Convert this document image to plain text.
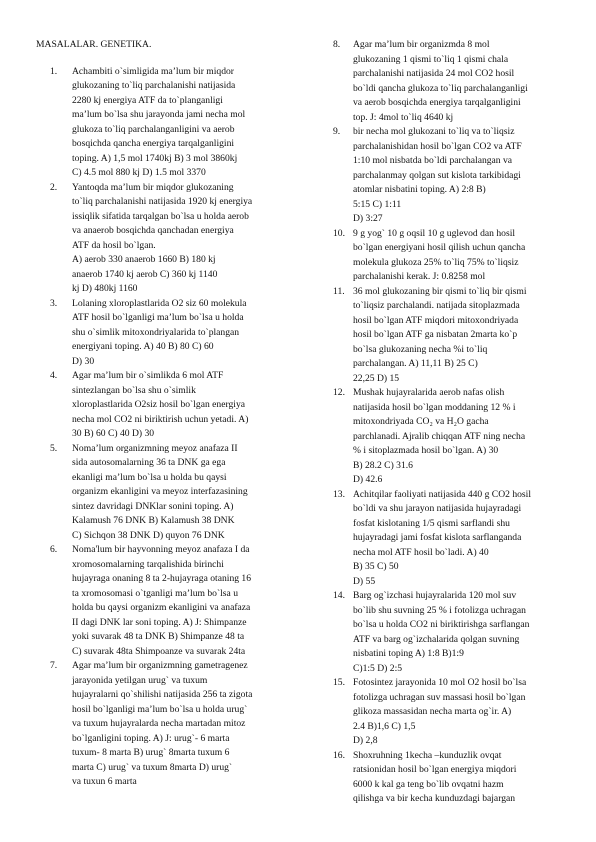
MASALALAR. GENETIKA.
1.	Achambiti o`simligida ma’lum bir miqdor
glukozaning to`liq parchalanishi natijasida
2280 kj energiya ATF da to`planganligi
ma’lum bo`lsa shu jarayonda jami necha mol
glukoza to`liq parchalanganligini va aerob
bosqichda qancha energiya tarqalganligini
toping. A) 1,5 mol 1740kj B) 3 mol 3860kj
C) 4.5 mol 880 kj D) 1.5 mol 3370
2.	Yantoqda ma’lum bir miqdor glukozaning
to`liq parchalanishi natijasida 1920 kj energiya
issiqlik sifatida tarqalgan bo`lsa u holda aerob
va anaerob bosqichda qanchadan energiya
ATF da hosil bo`lgan.
A) aerob 330 anaerob 1660 B) 180 kj
anaerob 1740 kj aerob C) 360 kj 1140
kj D) 480kj 1160
3.	Lolaning xloroplastlarida O2 siz 60 molekula
ATF hosil bo`lganligi ma’lum bo`lsa u holda
shu o`simlik mitoxondriyalarida to`plangan
energiyani toping. A) 40 B) 80 C) 60
D) 30
4.	Agar ma’lum bir o`simlikda 6 mol ATF
sintezlangan bo`lsa shu o`simlik
xloroplastlarida O2siz hosil bo`lgan energiya
necha mol CO2 ni biriktirish uchun yetadi. A)
30 B) 60 C) 40 D) 30
5.	Noma’lum organizmning meyoz anafaza II
sida autosomalarning 36 ta DNK ga ega
ekanligi ma’lum bo`lsa u holda bu qaysi
organizm ekanligini va meyoz interfazasining
sintez davridagi DNKlar sonini toping. A)
Kalamush 76 DNK B) Kalamush 38 DNK
C) Sichqon 38 DNK D) quyon 76 DNK
6.	Noma'lum bir hayvonning meyoz anafaza I da
xromosomalarning tarqalishida birinchi
hujayraga onaning 8 ta 2-hujayraga otaning 16
ta xromosomasi o`tganligi ma’lum bo`lsa u
holda bu qaysi organizm ekanligini va anafaza
II dagi DNK lar soni toping. A) J: Shimpanze
yoki suvarak 48 ta DNK B) Shimpanze 48 ta
C) suvarak 48ta Shimpoanze va suvarak 24ta
7.	Agar ma’lum bir organizmning gametragenez
jarayonida yetilgan urug` va tuxum
hujayralarni qo`shilishi natijasida 256 ta zigota
hosil bo`lganligi ma’lum bo`lsa u holda urug`
va tuxum hujayralarda necha martadan mitoz
bo`lganligini toping. A) J: urug`- 6 marta
tuxum- 8 marta B) urug` 8marta tuxum 6
marta C) urug` va tuxum 8marta D) urug`
va tuxun 6 marta
8.	Agar ma’lum bir organizmda 8 mol
glukozaning 1 qismi to`liq 1 qismi chala
parchalanishi natijasida 24 mol CO2 hosil
bo`ldi qancha glukoza to`liq parchalanganligi
va aerob bosqichda energiya tarqalganligini
top. J: 4mol to`liq 4640 kj
9.	bir necha mol glukozani to`liq va to`liqsiz
parchalanishidan hosil bo`lgan CO2 va ATF
1:10 mol nisbatda bo`ldi parchalangan va
parchalanmay qolgan sut kislota tarkibidagi
atomlar nisbatini toping. A) 2:8 B)
5:15 C) 1:11
D) 3:27
10. 9 g yog` 10 g oqsil 10 g uglevod dan hosil
bo`lgan energiyani hosil qilish uchun qancha
molekula glukoza 25% to`liq 75% to`liqsiz
parchalanishi kerak. J: 0.8258 mol
11. 36 mol glukozaning bir qismi to`liq bir qismi
to`liqsiz parchalandi. natijada sitoplazmada
hosil bo`lgan ATF miqdori mitoxondriyada
hosil bo`lgan ATF ga nisbatan 2marta ko`p
bo`lsa glukozaning necha %i to`liq
parchalangan. A) 11,11 B) 25 C)
22,25 D) 15
12. Mushak hujayralarida aerob nafas olish
natijasida hosil bo`lgan moddaning 12 % i
mitoxondriyada CO₂ va H₂O gacha
parchlanadi. Ajralib chiqqan ATF ning necha
% i sitoplazmada hosil bo`lgan. A) 30
B) 28.2 C) 31.6
D) 42.6
13. Achitqilar faoliyati natijasida 440 g CO2 hosil
bo`ldi va shu jarayon natijasida hujayradagi
fosfat kislotaning 1/5 qismi sarflandi shu
hujayradagi jami fosfat kislota sarflanganda
necha mol ATF hosil bo`ladi. A) 40
B) 35 C) 50
D) 55
14. Barg og`izchasi hujayralarida 120 mol suv
bo`lib shu suvning 25 % i fotolizga uchragan
bo`lsa u holda CO2 ni biriktirishga sarflangan
ATF va barg og`izchalarida qolgan suvning
nisbatini toping A) 1:8 B)1:9
C)1:5 D) 2:5
15. Fotosintez jarayonida 10 mol O2 hosil bo`lsa
fotolizga uchragan suv massasi hosil bo`lgan
glikoza massasidan necha marta og`ir. A)
2.4 B)1,6 C) 1,5
D) 2,8
16. Shoxruhning 1kecha –kunduzlik ovqat
ratsionidan hosil bo`lgan energiya miqdori
6000 k kal ga teng bo`lib ovqatni hazm
qilishga va bir kecha kunduzdagi bajargan
